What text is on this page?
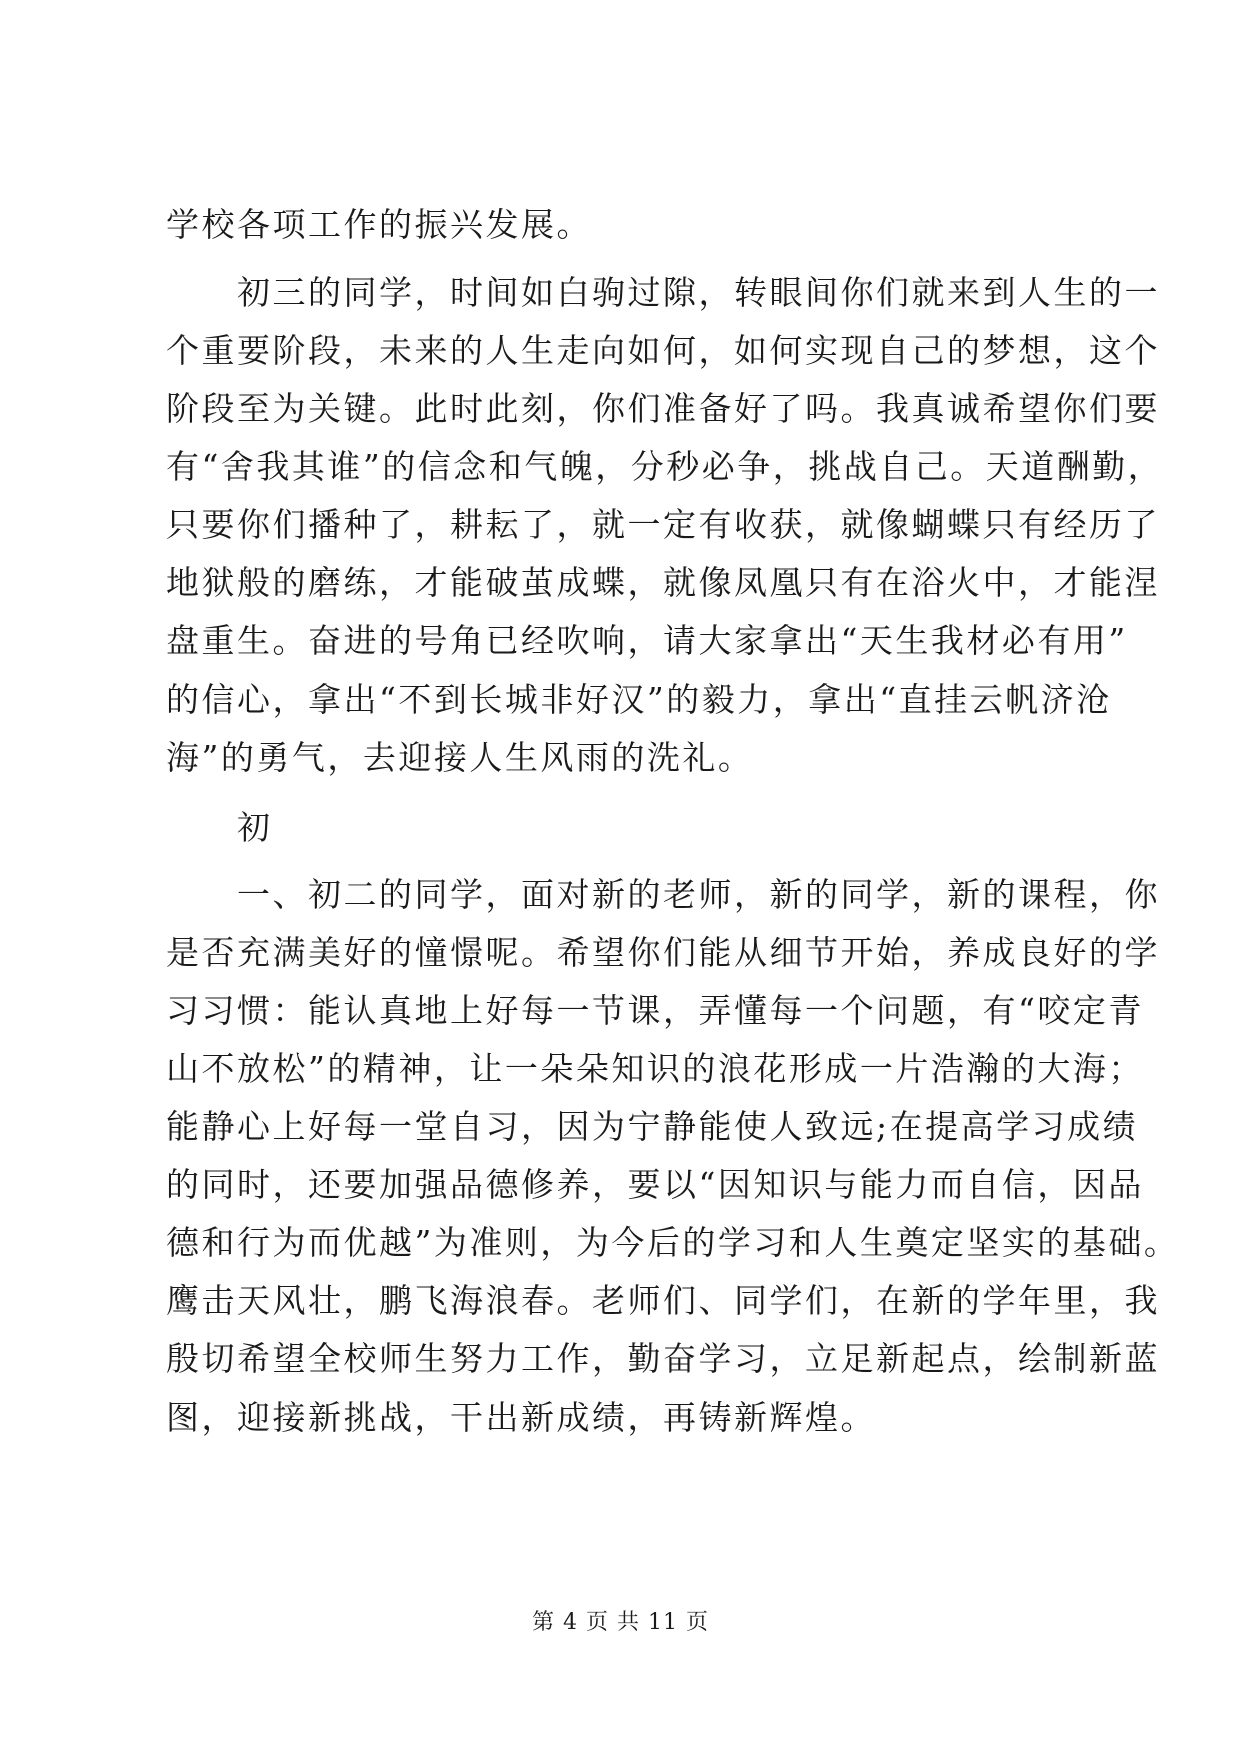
学校各项工作的振兴发展。
　　初三的同学，时间如白驹过隙，转眼间你们就来到人生的一
个重要阶段，未来的人生走向如何，如何实现自己的梦想，这个
阶段至为关键。此时此刻，你们准备好了吗。我真诚希望你们要
有“舍我其谁”的信念和气魄，分秒必争，挑战自己。天道酬勤，
只要你们播种了，耕耘了，就一定有收获，就像蝴蝶只有经历了
地狱般的磨练，才能破茧成蝶，就像凤凰只有在浴火中，才能涅
盘重生。奋进的号角已经吹响，请大家拿出“天生我材必有用”
的信心，拿出“不到长城非好汉”的毅力，拿出“直挂云帆济沧
海”的勇气，去迎接人生风雨的洗礼。
　　初
　　一、初二的同学，面对新的老师，新的同学，新的课程，你
是否充满美好的憧憬呢。希望你们能从细节开始，养成良好的学
习习惯：能认真地上好每一节课，弄懂每一个问题，有“咬定青
山不放松”的精神，让一朵朵知识的浪花形成一片浩瀚的大海；
能静心上好每一堂自习，因为宁静能使人致远;在提高学习成绩
的同时，还要加强品德修养，要以“因知识与能力而自信，因品
德和行为而优越”为准则，为今后的学习和人生奠定坚实的基础。
鹰击天风壮，鹏飞海浪春。老师们、同学们，在新的学年里，我
殷切希望全校师生努力工作，勤奋学习，立足新起点，绘制新蓝
图，迎接新挑战，干出新成绩，再铸新辉煌。
第 4 页 共 11 页
